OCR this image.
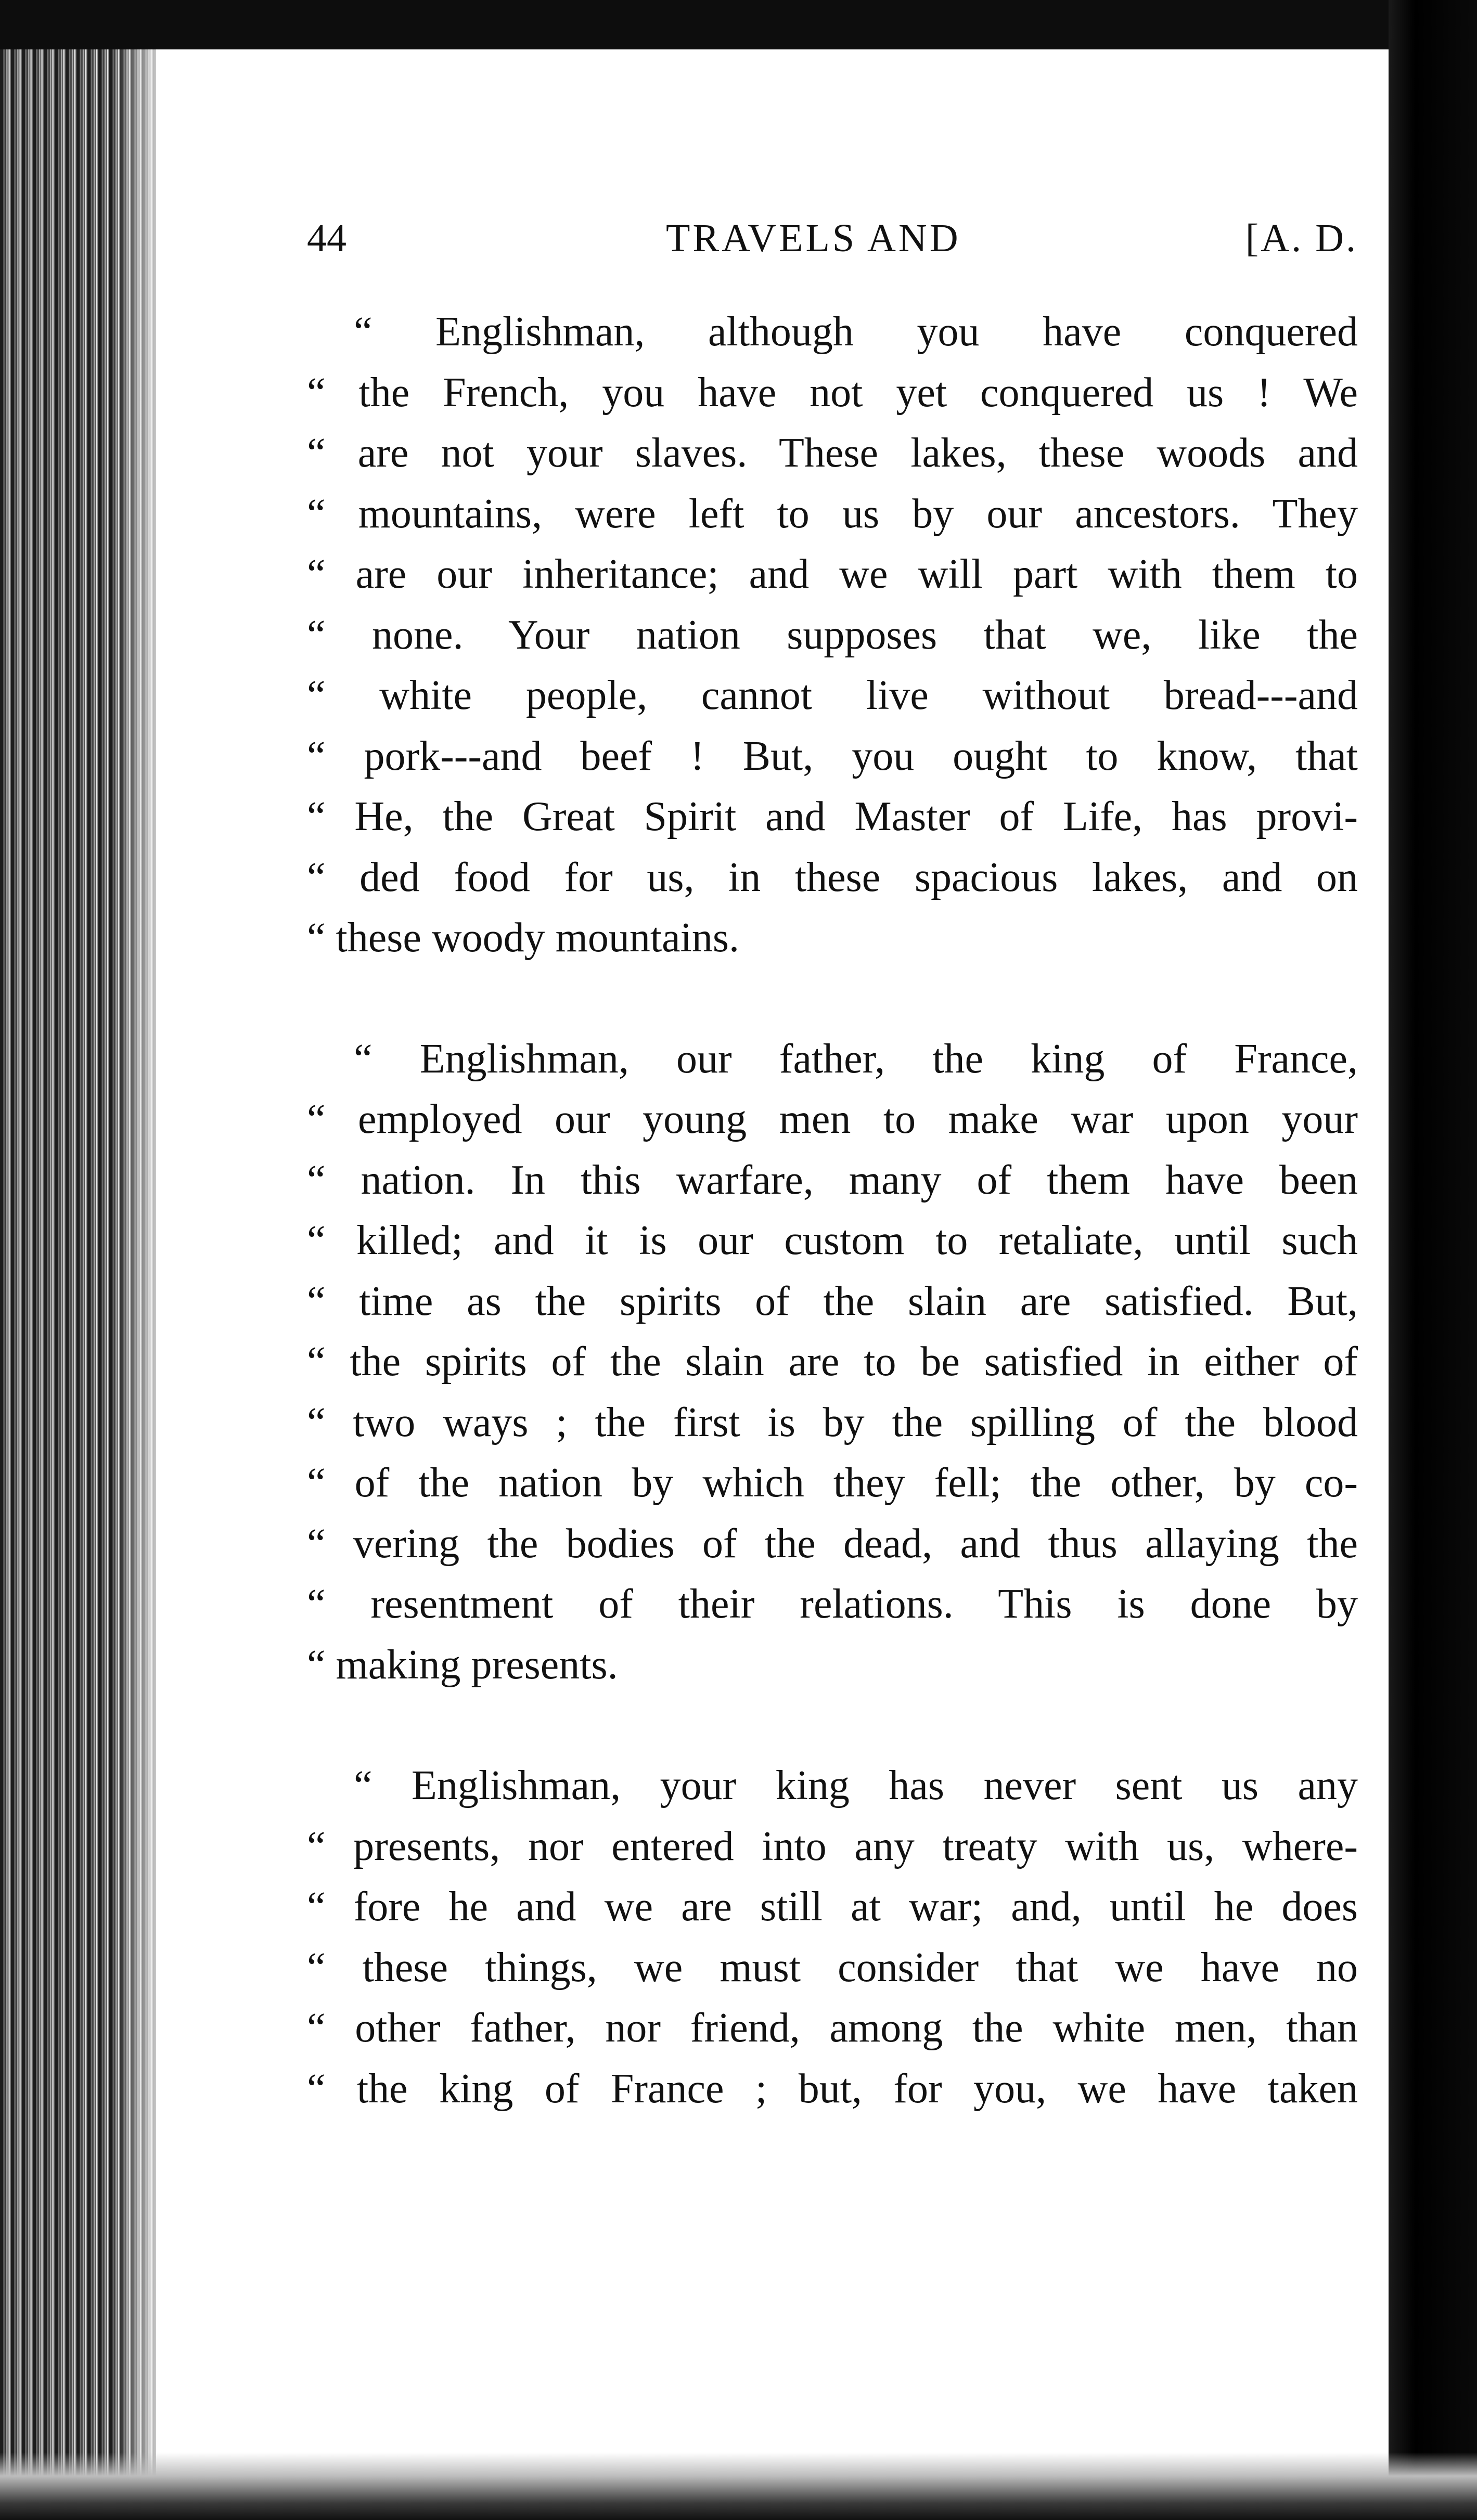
44	TRAVELS AND	[A. D.
“ Englishman, although you have conquered
“ the French, you have not yet conquered us ! We
“ are not your slaves. These lakes, these woods and
“ mountains, were left to us by our ancestors. They
“ are our inheritance; and we will part with them to
“ none. Your nation supposes that we, like the
“ white people, cannot live without bread---and
“ pork---and beef ! But, you ought to know, that
“ He, the Great Spirit and Master of Life, has provi-
“ ded food for us, in these spacious lakes, and on
“ these woody mountains.
“ Englishman, our father, the king of France,
“ employed our young men to make war upon your
“ nation. In this warfare, many of them have been
“ killed; and it is our custom to retaliate, until such
“ time as the spirits of the slain are satisfied. But,
“ the spirits of the slain are to be satisfied in either of
“ two ways ; the first is by the spilling of the blood
“ of the nation by which they fell; the other, by co-
“ vering the bodies of the dead, and thus allaying the
“ resentment of their relations. This is done by
“ making presents.
“ Englishman, your king has never sent us any
“ presents, nor entered into any treaty with us, where-
“ fore he and we are still at war; and, until he does
“ these things, we must consider that we have no
“ other father, nor friend, among the white men, than
“ the king of France ; but, for you, we have taken
